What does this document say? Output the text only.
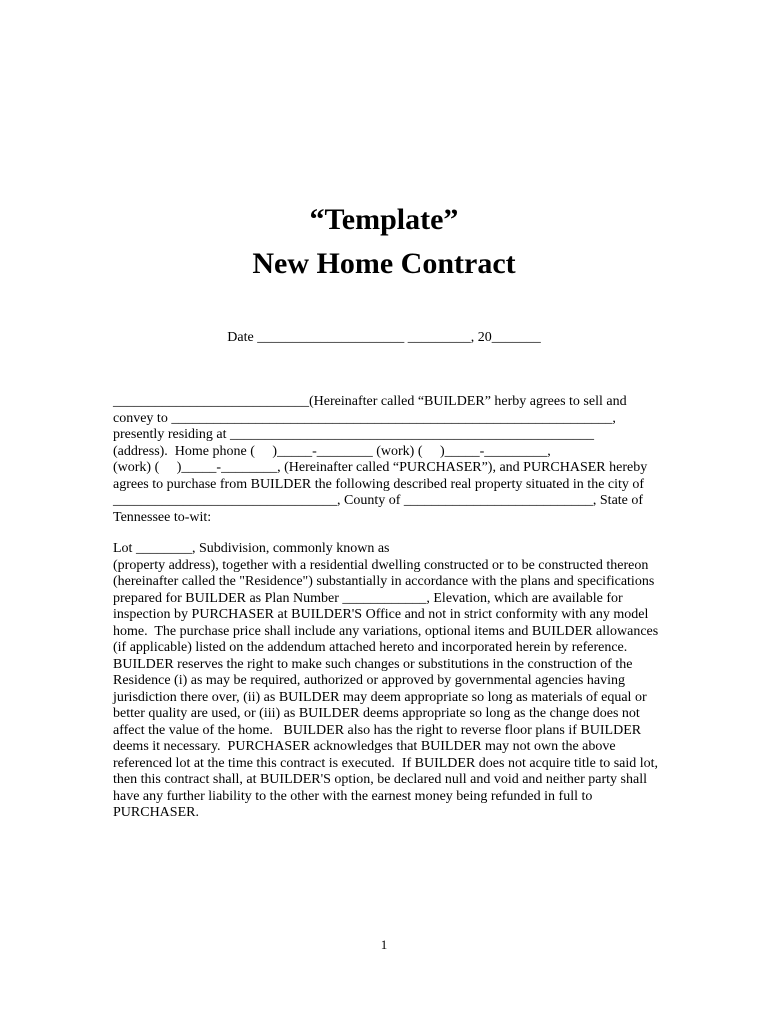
“Template”
New Home Contract
Date _____________________ _________, 20_______
____________________________(Hereinafter called “BUILDER” herby agrees to sell and
convey to _______________________________________________________________,
presently residing at ____________________________________________________
(address).  Home phone (     )_____-________ (work) (     )_____-_________,
(work) (     )_____-________, (Hereinafter called “PURCHASER”), and PURCHASER hereby
agrees to purchase from BUILDER the following described real property situated in the city of
________________________________, County of ___________________________, State of
Tennessee to-wit:
Lot ________, Subdivision, commonly known as
(property address), together with a residential dwelling constructed or to be constructed thereon
(hereinafter called the "Residence") substantially in accordance with the plans and specifications
prepared for BUILDER as Plan Number ____________, Elevation, which are available for
inspection by PURCHASER at BUILDER'S Office and not in strict conformity with any model
home.  The purchase price shall include any variations, optional items and BUILDER allowances
(if applicable) listed on the addendum attached hereto and incorporated herein by reference.
BUILDER reserves the right to make such changes or substitutions in the construction of the
Residence (i) as may be required, authorized or approved by governmental agencies having
jurisdiction there over, (ii) as BUILDER may deem appropriate so long as materials of equal or
better quality are used, or (iii) as BUILDER deems appropriate so long as the change does not
affect the value of the home.   BUILDER also has the right to reverse floor plans if BUILDER
deems it necessary.  PURCHASER acknowledges that BUILDER may not own the above
referenced lot at the time this contract is executed.  If BUILDER does not acquire title to said lot,
then this contract shall, at BUILDER'S option, be declared null and void and neither party shall
have any further liability to the other with the earnest money being refunded in full to
PURCHASER.
1
